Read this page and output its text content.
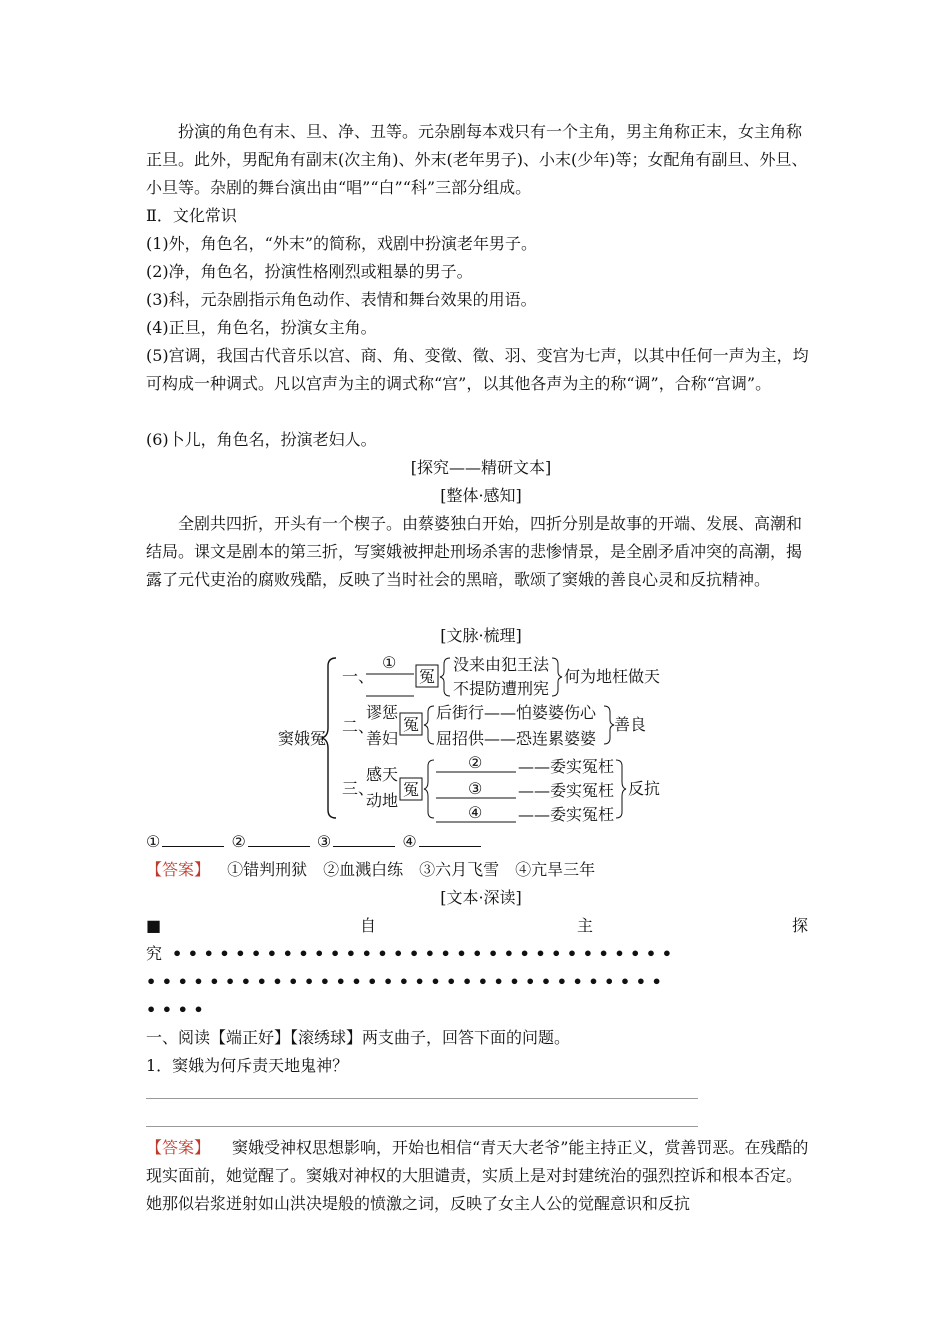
扮演的角色有末、旦、净、丑等。元杂剧每本戏只有一个主角，男主角称正末，女主角称正旦。此外，男配角有副末(次主角)、外末(老年男子)、小末(少年)等；女配角有副旦、外旦、小旦等。杂剧的舞台演出由“唱”“白”“科”三部分组成。

Ⅱ．文化常识

(1)外，角色名，“外末”的简称，戏剧中扮演老年男子。

(2)净，角色名，扮演性格刚烈或粗暴的男子。

(3)科，元杂剧指示角色动作、表情和舞台效果的用语。

(4)正旦，角色名，扮演女主角。

(5)宫调，我国古代音乐以宫、商、角、变徵、徵、羽、变宫为七声，以其中任何一声为主，均可构成一种调式。凡以宫声为主的调式称“宫”，以其他各声为主的称“调”，合称“宫调”。

(6)卜儿，角色名，扮演老妇人。

[探究——精研文本]
[整体·感知]

全剧共四折，开头有一个楔子。由蔡婆独白开始，四折分别是故事的开端、发展、高潮和结局。课文是剧本的第三折，写窦娥被押赴刑场杀害的悲惨情景，是全剧矛盾冲突的高潮，揭露了元代吏治的腐败残酷，反映了当时社会的黑暗，歌颂了窦娥的善良心灵和反抗精神。

[文脉·梳理]
窦娥冤
一、
①
冤
没来由犯王法
不提防遭刑宪
何为地枉做天
二、
谬惩
善妇
冤
后街行——怕婆婆伤心
屈招供——恐连累婆婆
善良
三、
感天
动地
冤
② ——委实冤枉
③ ——委实冤枉
④ ——委实冤枉
反抗
①	②	③	④
【答案】 ①错判刑狱　②血溅白练　③六月飞雪　④亢旱三年
[文本·深读]
■	自	主	探
究 • • • • • • • • • • • • • • • • • • • • • • • • • • • • • • • •
• • • • • • • • • • • • • • • • • • • • • • • • • • • • • • • • •
• • • •

一、阅读【端正好】【滚绣球】两支曲子，回答下面的问题。

1．窦娥为何斥责天地鬼神？

【答案】 窦娥受神权思想影响，开始也相信“青天大老爷”能主持正义，赏善罚恶。在残酷的现实面前，她觉醒了。窦娥对神权的大胆谴责，实质上是对封建统治的强烈控诉和根本否定。她那似岩浆迸射如山洪决堤般的愤激之词，反映了女主人公的觉醒意识和反抗
